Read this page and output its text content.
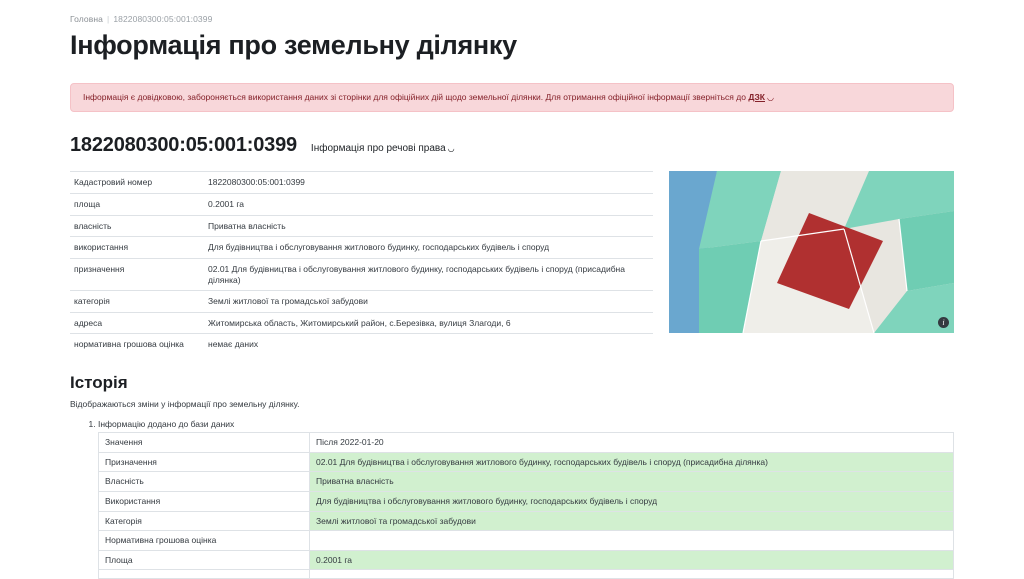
Головна | 1822080300:05:001:0399
Інформація про земельну ділянку
Інформація є довідковою, забороняється використання даних зі сторінки для офіційних дій щодо земельної ділянки. Для отримання офіційної інформації зверніться до ДЗК ◡
1822080300:05:001:0399 Інформація про речові права ◡
Кадастровий номер	1822080300:05:001:0399
площа	0.2001 га
власність	Приватна власність
використання	Для будівництва і обслуговування житлового будинку, господарських будівель і споруд
призначення	02.01 Для будівництва і обслуговування житлового будинку, господарських будівель і споруд (присадибна ділянка)
категорія	Землі житлової та громадської забудови
адреса	Житомирська область, Житомирський район, с.Березівка, вулиця Злагоди, 6
нормативна грошова оцінка	немає даних
i
Історія

Відображаються зміни у інформації про земельну ділянку.

1. Інформацію додано до бази даних
Значення	Після 2022-01-20
Призначення	02.01 Для будівництва і обслуговування житлового будинку, господарських будівель і споруд (присадибна ділянка)
Власність	Приватна власність
Використання	Для будівництва і обслуговування житлового будинку, господарських будівель і споруд
Категорія	Землі житлової та громадської забудови
Нормативна грошова оцінка	
Площа	0.2001 га
